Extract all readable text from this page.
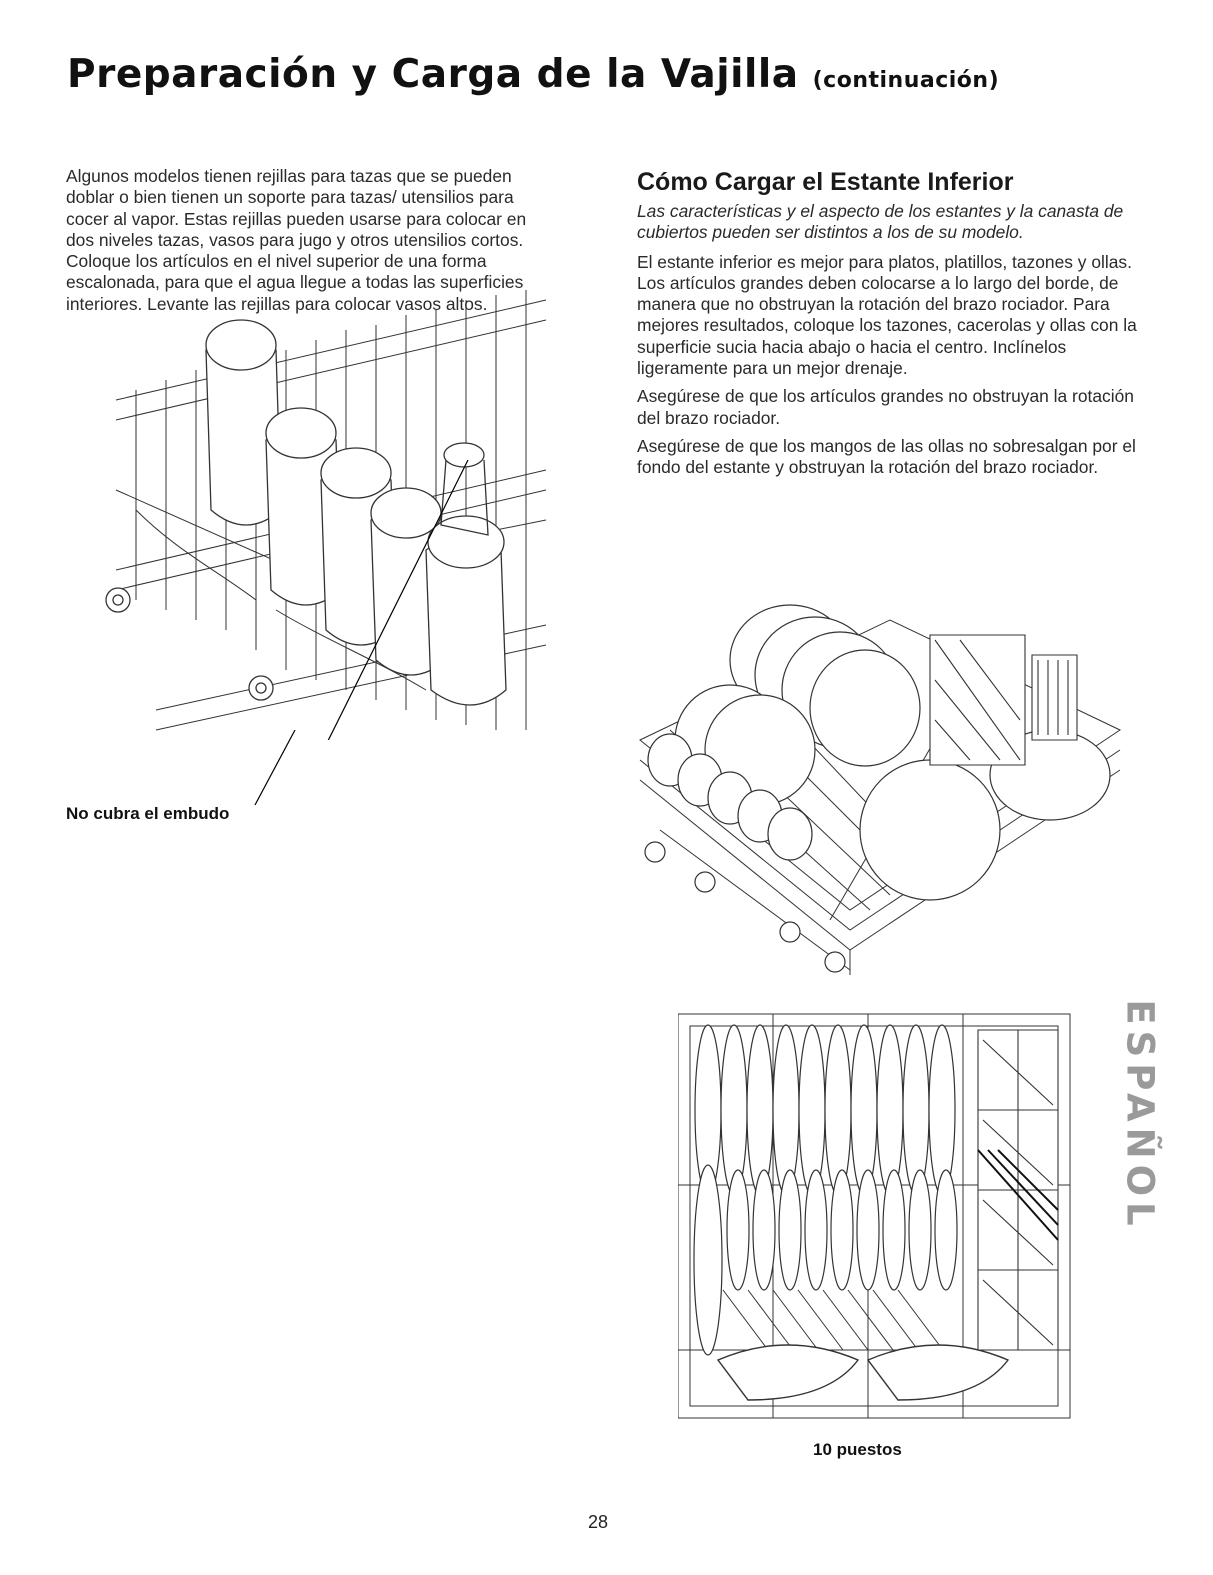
Preparación y Carga de la Vajilla (continuación)

Algunos modelos tienen rejillas para tazas que se pueden doblar o bien tienen un soporte para tazas/ utensilios para cocer al vapor. Estas rejillas pueden usarse para colocar en dos niveles tazas, vasos para jugo y otros utensilios cortos. Coloque los artículos en el nivel superior de una forma escalonada, para que el agua llegue a todas las superficies interiores. Levante las rejillas para colocar vasos altos.

No cubra el embudo
Cómo Cargar el Estante Inferior

Las características y el aspecto de los estantes y la canasta de cubiertos pueden ser distintos a los de su modelo.

El estante inferior es mejor para platos, platillos, tazones y ollas. Los artículos grandes deben colocarse a lo largo del borde, de manera que no obstruyan la rotación del brazo rociador. Para mejores resultados, coloque los tazones, cacerolas y ollas con la superficie sucia hacia abajo o hacia el centro. Inclínelos ligeramente para un mejor drenaje.

Asegúrese de que los artículos grandes no obstruyan la rotación del brazo rociador.

Asegúrese de que los mangos de las ollas no sobresalgan por el fondo del estante y obstruyan la rotación del brazo rociador.

10 puestos
ESPAÑOL
28
